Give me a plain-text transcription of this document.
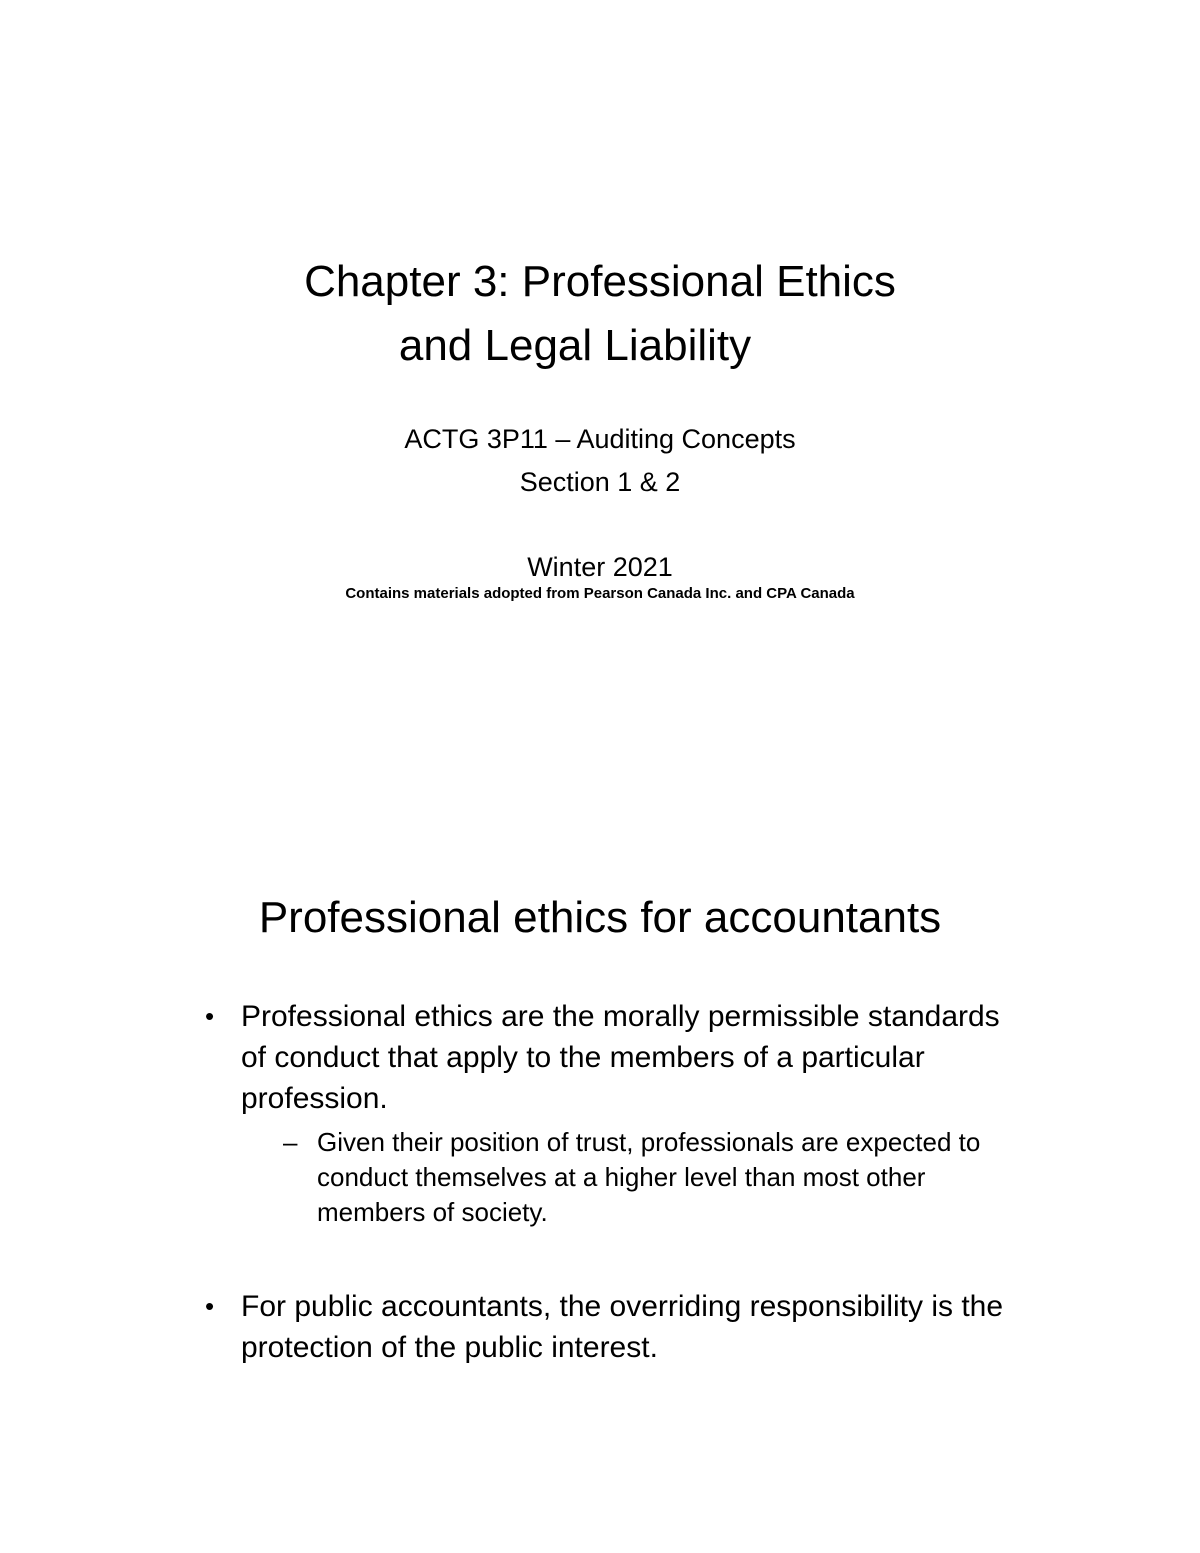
Chapter 3: Professional Ethics
and Legal Liability
ACTG 3P11 – Auditing Concepts
Section 1 & 2
Winter 2021
Contains materials adopted from Pearson Canada Inc. and CPA Canada
Professional ethics for accountants
• Professional ethics are the morally permissible standards of conduct that apply to the members of a particular profession.
– Given their position of trust, professionals are expected to conduct themselves at a higher level than most other members of society.
• For public accountants, the overriding responsibility is the protection of the public interest.
